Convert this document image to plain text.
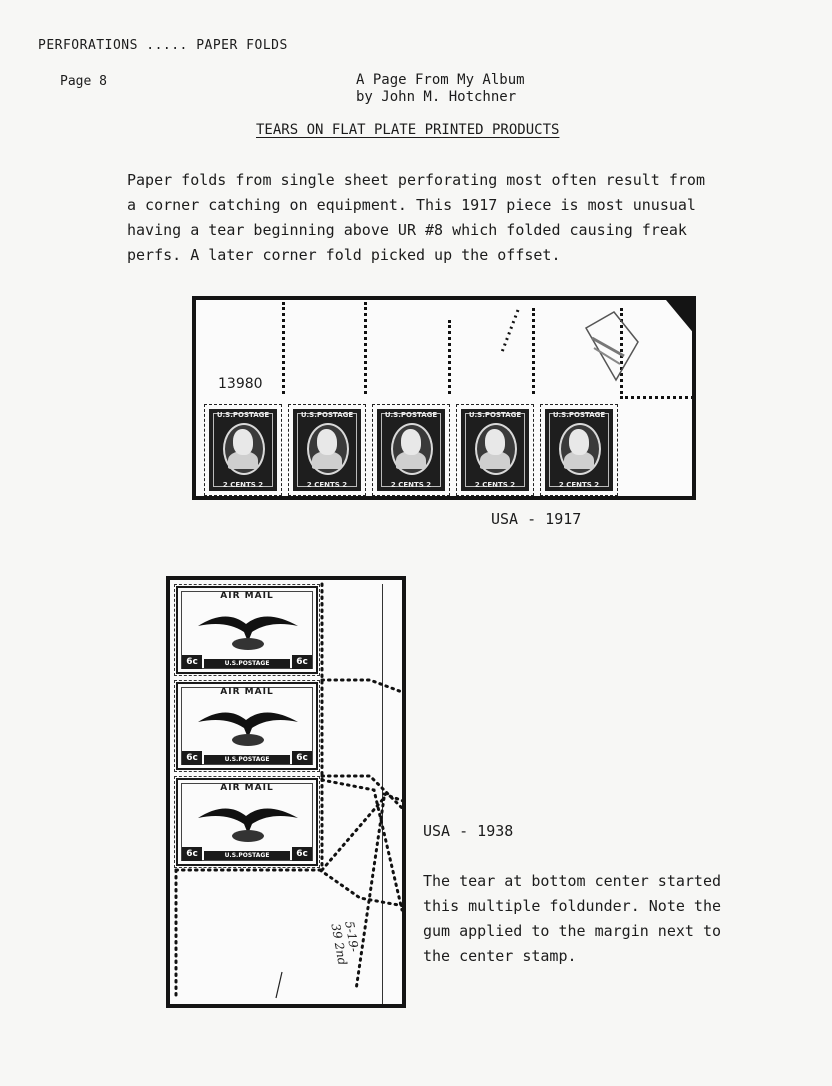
PERFORATIONS ..... PAPER FOLDS
Page 8	A Page From My Album
by John M. Hotchner
TEARS ON FLAT PLATE PRINTED PRODUCTS
Paper folds from single sheet perforating most often result from
a corner catching on equipment. This 1917 piece is most unusual
having a tear beginning above UR #8 which folded causing freak
perfs. A later corner fold picked up the offset.
13980
U.S.POSTAGE
2 CENTS 2
U.S.POSTAGE
2 CENTS 2
U.S.POSTAGE
2 CENTS 2
U.S.POSTAGE
2 CENTS 2
U.S.POSTAGE
2 CENTS 2
USA - 1917
AIR MAIL
6c	U.S.POSTAGE	6c
AIR MAIL
6c	U.S.POSTAGE	6c
AIR MAIL
6c	U.S.POSTAGE	6c
5-19-39 2nd
USA - 1938
The tear at bottom center started
this multiple foldunder. Note the
gum applied to the margin next to
the center stamp.
